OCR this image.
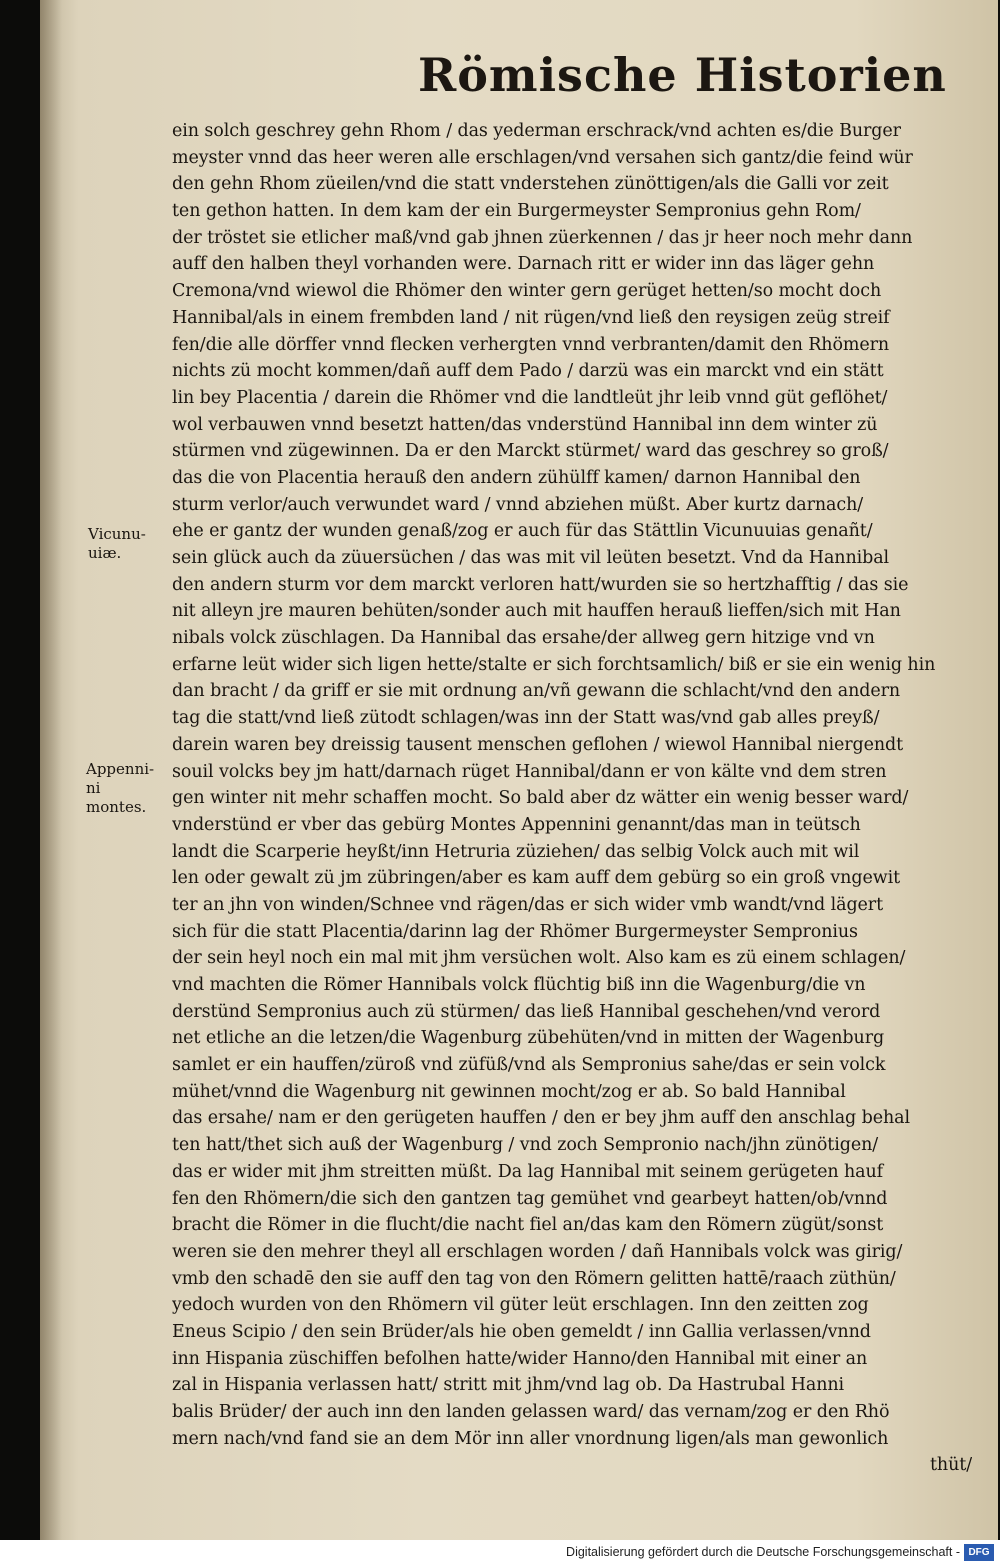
Römische Historien
ein solch geschrey gehn Rhom / das yederman erschrack/vnd achten es/die Burger
meyster vnnd das heer weren alle erschlagen/vnd versahen sich gantz/die feind wür
den gehn Rhom züeilen/vnd die statt vnderstehen zünöttigen/als die Galli vor zeit
ten gethon hatten. In dem kam der ein Burgermeyster Sempronius gehn Rom/
der tröstet sie etlicher maß/vnd gab jhnen züerkennen / das jr heer noch mehr dann
auff den halben theyl vorhanden were. Darnach ritt er wider inn das läger gehn
Cremona/vnd wiewol die Rhömer den winter gern gerüget hetten/so mocht doch
Hannibal/als in einem frembden land / nit rügen/vnd ließ den reysigen zeüg streif
fen/die alle dörffer vnnd flecken verhergten vnnd verbranten/damit den Rhömern
nichts zü mocht kommen/dañ auff dem Pado / darzü was ein marckt vnd ein stätt
lin bey Placentia / darein die Rhömer vnd die landtleüt jhr leib vnnd güt geflöhet/
wol verbauwen vnnd besetzt hatten/das vnderstünd Hannibal inn dem winter zü
stürmen vnd zügewinnen. Da er den Marckt stürmet/ ward das geschrey so groß/
das die von Placentia herauß den andern zühülff kamen/ darnon Hannibal den
sturm verlor/auch verwundet ward / vnnd abziehen müßt. Aber kurtz darnach/
ehe er gantz der wunden genaß/zog er auch für das Stättlin Vicunuuias genañt/
sein glück auch da züuersüchen / das was mit vil leüten besetzt. Vnd da Hannibal
den andern sturm vor dem marckt verloren hatt/wurden sie so hertzhafftig / das sie
nit alleyn jre mauren behüten/sonder auch mit hauffen herauß lieffen/sich mit Han
nibals volck züschlagen. Da Hannibal das ersahe/der allweg gern hitzige vnd vn
erfarne leüt wider sich ligen hette/stalte er sich forchtsamlich/ biß er sie ein wenig hin
dan bracht / da griff er sie mit ordnung an/vñ gewann die schlacht/vnd den andern
tag die statt/vnd ließ zütodt schlagen/was inn der Statt was/vnd gab alles preyß/
darein waren bey dreissig tausent menschen geflohen / wiewol Hannibal niergendt
souil volcks bey jm hatt/darnach rüget Hannibal/dann er von kälte vnd dem stren
gen winter nit mehr schaffen mocht. So bald aber dz wätter ein wenig besser ward/
vnderstünd er vber das gebürg Montes Appennini genannt/das man in teütsch
landt die Scarperie heyßt/inn Hetruria züziehen/ das selbig Volck auch mit wil
len oder gewalt zü jm zübringen/aber es kam auff dem gebürg so ein groß vngewit
ter an jhn von winden/Schnee vnd rägen/das er sich wider vmb wandt/vnd lägert
sich für die statt Placentia/darinn lag der Rhömer Burgermeyster Sempronius
der sein heyl noch ein mal mit jhm versüchen wolt. Also kam es zü einem schlagen/
vnd machten die Römer Hannibals volck flüchtig biß inn die Wagenburg/die vn
derstünd Sempronius auch zü stürmen/ das ließ Hannibal geschehen/vnd verord
net etliche an die letzen/die Wagenburg zübehüten/vnd in mitten der Wagenburg
samlet er ein hauffen/züroß vnd züfüß/vnd als Sempronius sahe/das er sein volck
mühet/vnnd die Wagenburg nit gewinnen mocht/zog er ab. So bald Hannibal
das ersahe/ nam er den gerügeten hauffen / den er bey jhm auff den anschlag behal
ten hatt/thet sich auß der Wagenburg / vnd zoch Sempronio nach/jhn zünötigen/
das er wider mit jhm streitten müßt. Da lag Hannibal mit seinem gerügeten hauf
fen den Rhömern/die sich den gantzen tag gemühet vnd gearbeyt hatten/ob/vnnd
bracht die Römer in die flucht/die nacht fiel an/das kam den Römern zügüt/sonst
weren sie den mehrer theyl all erschlagen worden / dañ Hannibals volck was girig/
vmb den schadē den sie auff den tag von den Römern gelitten hattē/raach züthün/
yedoch wurden von den Rhömern vil güter leüt erschlagen. Inn den zeitten zog
Eneus Scipio / den sein Brüder/als hie oben gemeldt / inn Gallia verlassen/vnnd
inn Hispania züschiffen befolhen hatte/wider Hanno/den Hannibal mit einer an
zal in Hispania verlassen hatt/ stritt mit jhm/vnd lag ob. Da Hastrubal Hanni
balis Brüder/ der auch inn den landen gelassen ward/ das vernam/zog er den Rhö
mern nach/vnd fand sie an dem Mör inn aller vnordnung ligen/als man gewonlich
thüt/
Vicunu-
uiæ.
Appenni-
ni
montes.
Digitalisierung gefördert durch die Deutsche Forschungsgemeinschaft - DFG
